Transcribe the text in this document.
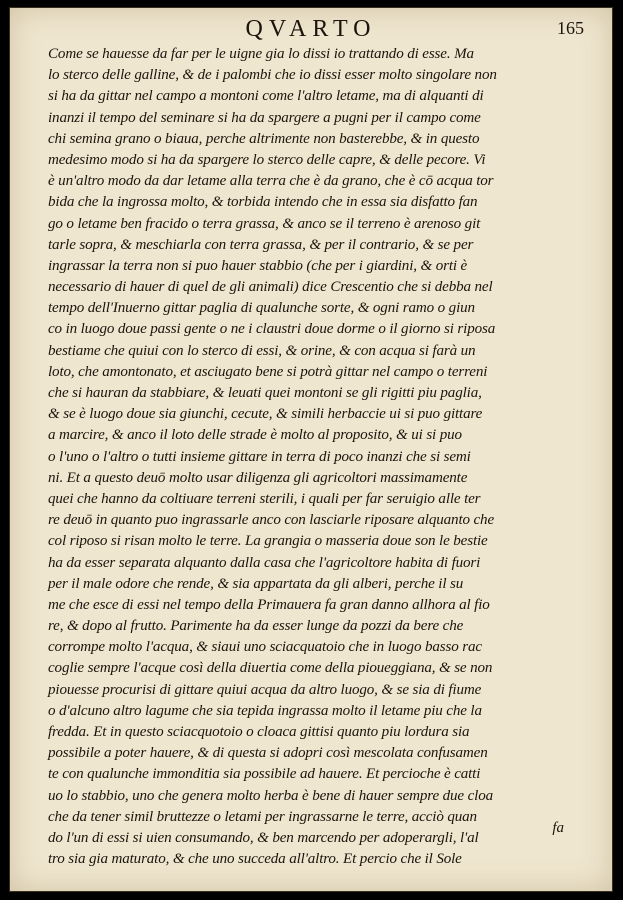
QVARTO	165
Come se hauesse da far per le uigne gia lo dissi io trattando di esse. Ma
lo sterco delle galline, & de i palombi che io dissi esser molto singolare non
si ha da gittar nel campo a montoni come l'altro letame, ma di alquanti di
inanzi il tempo del seminare si ha da spargere a pugni per il campo come
chi semina grano o biaua, perche altrimente non basterebbe, & in questo
medesimo modo si ha da spargere lo sterco delle capre, & delle pecore. Vi
è un'altro modo da dar letame alla terra che è da grano, che è cō acqua tor
bida che la ingrossa molto, & torbida intendo che in essa sia disfatto fan
go o letame ben fracido o terra grassa, & anco se il terreno è arenoso git
tarle sopra, & meschiarla con terra grassa, & per il contrario, & se per
ingrassar la terra non si puo hauer stabbio (che per i giardini, & orti è
necessario di hauer di quel de gli animali) dice Crescentio che si debba nel
tempo dell'Inuerno gittar paglia di qualunche sorte, & ogni ramo o giun
co in luogo doue passi gente o ne i claustri doue dorme o il giorno si riposa
bestiame che quiui con lo sterco di essi, & orine, & con acqua si farà un
loto, che amontonato, et asciugato bene si potrà gittar nel campo o terreni
che si hauran da stabbiare, & leuati quei montoni se gli rigitti piu paglia,
& se è luogo doue sia giunchi, cecute, & simili herbaccie ui si puo gittare
a marcire, & anco il loto delle strade è molto al proposito, & ui si puo
o l'uno o l'altro o tutti insieme gittare in terra di poco inanzi che si semi
ni. Et a questo deuō molto usar diligenza gli agricoltori massimamente
quei che hanno da coltiuare terreni sterili, i quali per far seruigio alle ter
re deuō in quanto puo ingrassarle anco con lasciarle riposare alquanto che
col riposo si risan molto le terre. La grangia o masseria doue son le bestie
ha da esser separata alquanto dalla casa che l'agricoltore habita di fuori
per il male odore che rende, & sia appartata da gli alberi, perche il su
me che esce di essi nel tempo della Primauera fa gran danno allhora al fio
re, & dopo al frutto. Parimente ha da esser lunge da pozzi da bere che
corrompe molto l'acqua, & siaui uno sciacquatoio che in luogo basso rac
coglie sempre l'acque così della diuertia come della pioueggiana, & se non
piouesse procurisi di gittare quiui acqua da altro luogo, & se sia di fiume
o d'alcuno altro lagume che sia tepida ingrassa molto il letame piu che la
fredda. Et in questo sciacquotoio o cloaca gittisi quanto piu lordura sia
possibile a poter hauere, & di questa si adopri così mescolata confusamen
te con qualunche immonditia sia possibile ad hauere. Et percioche è catti
uo lo stabbio, uno che genera molto herba è bene di hauer sempre due cloa
che da tener simil bruttezze o letami per ingrassarne le terre, acciò quan
do l'un di essi si uien consumando, & ben marcendo per adoperargli, l'al
tro sia gia maturato, & che uno succeda all'altro. Et percio che il Sole
fa
